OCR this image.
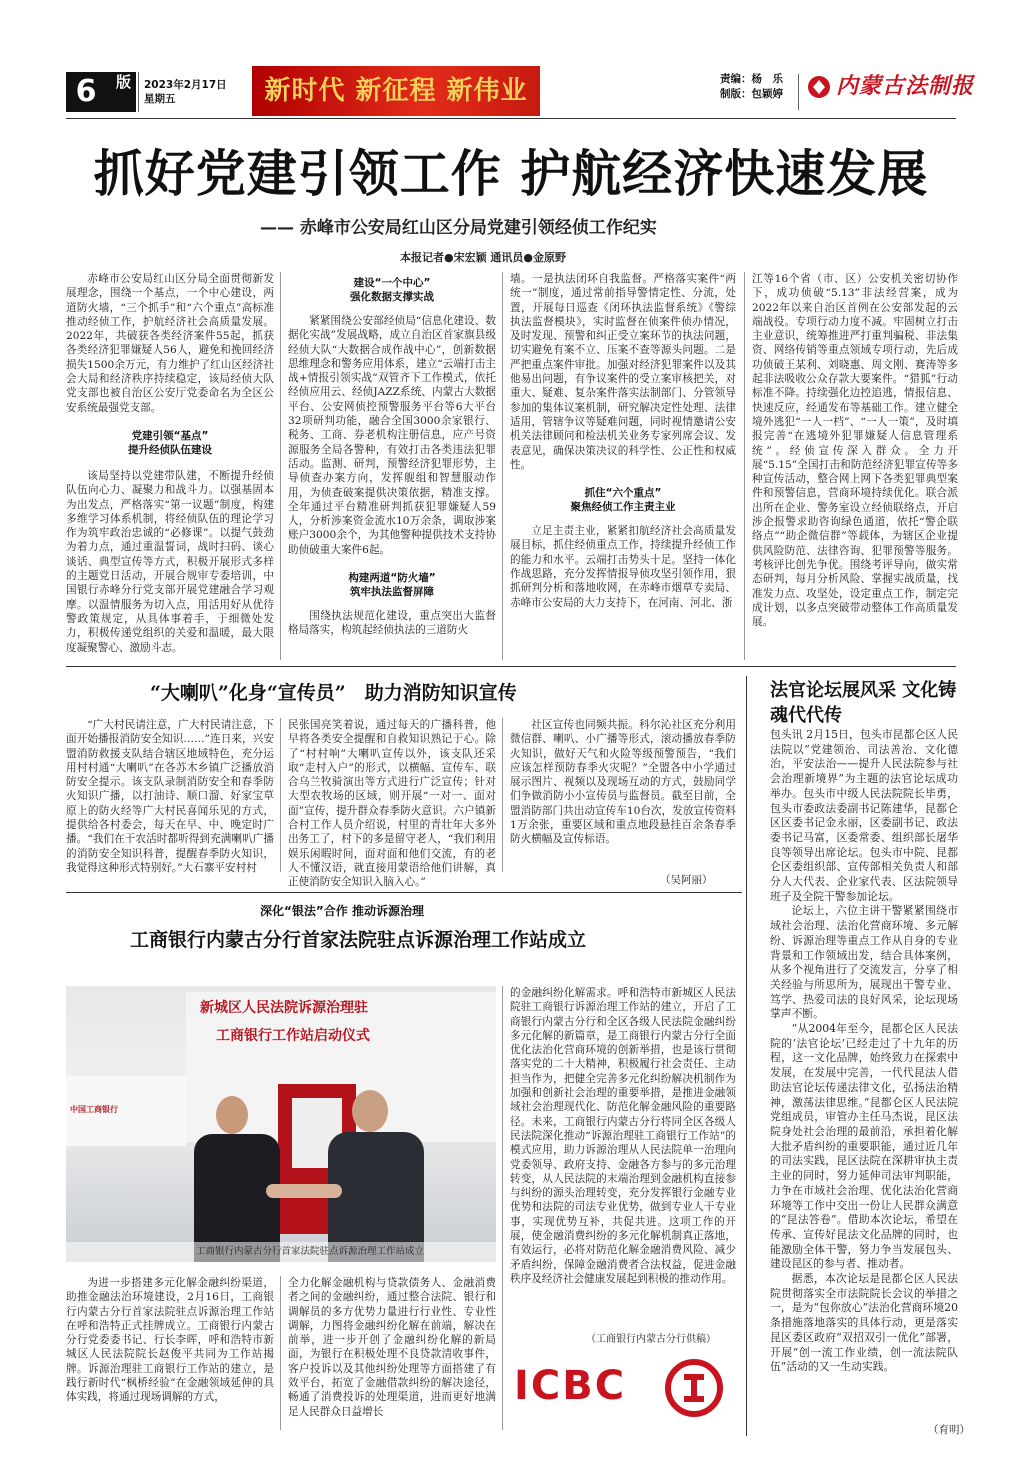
6	版 2023年2月17日
星期五	新时代 新征程 新伟业	责编：杨　乐
制版：包颖婷 内蒙古法制报
抓好党建引领工作 护航经济快速发展
—— 赤峰市公安局红山区分局党建引领经侦工作纪实
本报记者●宋宏颖 通讯员●金原野
赤峰市公安局红山区分局全面贯彻新发展理念，围绕一个基点，一个中心建设，两道防火墙，“三个抓手”和“六个重点”高标准推动经侦工作，护航经济社会高质量发展。2022年，共破获各类经济案件55起，抓获各类经济犯罪嫌疑人56人，避免和挽回经济损失1500余万元，有力维护了红山区经济社会大局和经济秩序持续稳定，该局经侦大队党支部也被自治区公安厅党委命名为全区公安系统最强党支部。
党建引领“基点”
提升经侦队伍建设
该局坚持以党建带队建，不断提升经侦队伍向心力、凝聚力和战斗力。以强基固本为出发点，严格落实“第一议题”制度，构建多维学习体系机制，将经侦队伍的理论学习作为筑牢政治忠诚的“必修课”。以提气鼓劲为着力点，通过重温誓词，战时扫码、谈心谈话、典型宣传等方式，积极开展形式多样的主题党日活动，开展合规审专委培训，中国银行赤峰分行党支部开展党建融合学习观摩。以温情服务为切入点，用活用好从优待警政策规定，从具体事着手，于细微处发力，积极传递党组织的关爱和温暖，最大限度凝聚警心、激励斗志。
建设“一个中心”
强化数据支撑实战
紧紧围绕公安部经侦局“信息化建设、数据化实战”发展战略，成立自治区首家旗县级经侦大队“大数据合成作战中心”，创新数据思维理念和警务应用体系，建立“云端打击主战+情报引领实战”双管齐下工作模式，依托经侦应用云、经侦JAZZ系统、内蒙古大数据平台、公安网侦控预警服务平台等6大平台32项研判功能，融合全国3000余家银行、税务、工商、券老机构注册信息，应产号资源服务全局各警种，有效打击各类违法犯罪活动。监测、研判，预警经济犯罪形势，主导侦查办案方向，发挥舰组和智慧服动作用，为侦查破案提供决策依据，精准支撑。全年通过平台精准研判抓获犯罪嫌疑人59人，分析涉案资金流水10万余条，调取涉案账户3000余个，为其他警种提供技术支持协助侦破重大案件6起。
构建两道“防火墙”
筑牢执法监督屏障
围绕执法规范化建设，重点突出大监督格局落实，构筑起经侦执法的三道防火
墙。一是执法闭环自我监督。严格落实案件“两统一”制度，通过常前指导警情定性、分流，处置，开展每日巡查《闭环执法监督系统》《警综执法监督模块》，实时监督在侦案件侦办情况，及时发现、预警和纠正受立案环节的执法问题，切实避免有案不立、压案不查等源头问题。二是严把重点案件审批。加强对经济犯罪案件以及其他易出问题，有争议案件的受立案审核把关，对重大、疑难、复杂案件落实法制部门、分管领导参加的集体议案机制，研究解决定性处理、法律适用，管辖争议等疑难问题，同时视情邀请公安机关法律顾问和检法机关业务专家列席会议、发表意见，确保决策决议的科学性、公正性和权威性。
抓住“六个重点”
聚焦经侦工作主责主业
立足主责主业，紧紧扣航经济社会高质量发展目标，抓住经侦重点工作，持续提升经侦工作的能力和水平。云端打击势头十足。坚持一体化作战思路，充分发挥情报导侦攻坚引领作用，狠抓研判分析和落地收网，在赤峰市烟草专卖局、赤峰市公安局的大力支持下，在河南、河北、浙
江等16个省（市、区）公安机关密切协作下，成功侦破“5.13”非法经营案，成为2022年以来自治区首例在公安部发起的云端战役。专项行动力度不减。牢固树立打击主业意识，统筹推进严打重判骗税、非法集资、网络传销等重点领域专项行动，先后成功侦破王某利、刘晓惠、周文刚、赛涛等多起非法吸收公众存款大要案件。“猎狐”行动标准不降。持续强化边控追逃，情报信息、快速反应，经通发布等基础工作。建立健全境外逃犯“一人一档”、“一人一策”，及时填报完善“在逃境外犯罪嫌疑人信息管理系统”。经侦宣传深入群众。全力开展“5.15”全国打击和防范经济犯罪宣传等多种宣传活动，整合网上网下各类犯罪典型案件和预警信息，营商环境持续优化。联合派出所在企业、警务室设立经侦联络点，开启涉企报警求助咨询绿色通道，依托“警企联络点”“助企微信群”等载体，为辖区企业提供风险防范、法律咨询、犯罪预警等服务。考核评比创先争优。围绕考评导向，做实常态研判，每月分析风险、掌握实战质量，找准发力点、攻坚处，设定重点工作，制定完成计划，以多点突破带动整体工作高质量发展。
“大喇叭”化身“宣传员”　助力消防知识宣传
“广大村民请注意，广大村民请注意，下面开始播报消防安全知识……”连日来，兴安盟消防救援支队结合辖区地域特色，充分运用村村通“大喇叭”在各苏木乡镇广泛播放消防安全提示。该支队录制消防安全和春季防火知识广播，以打油诗、顺口溜、好家宝草原上的防火经等广大村民喜闻乐见的方式，提供给各村委会，每天在早、中、晚定时广播。“我们在干农活时都听得到充满喇叭广播的消防安全知识科普，提醒春季防火知识，我觉得这种形式特别好。”大石寨平安村村
民张国亮笑着说，通过每天的广播科普，他早将各类安全提醒和自救知识熟记于心。除了“村村响”大喇叭宣传以外，该支队还采取“走村入户”的形式，以横幅、宣传车、联合乌兰牧骑演出等方式进行广泛宣传；针对大型农牧场的区域，则开展“一对一、面对面”宣传，提升群众春季防火意识。六户镇新合村工作人员介绍说，村里的青壮年大多外出务工了，村下的多是留守老人，“我们利用娱乐闲暇时间，面对面和他们交流，有的老人不懂汉语，就直接用蒙语给他们讲解，真正使消防安全知识入脑入心。”
社区宣传也同频共振。科尔沁社区充分利用微信群、喇叭、小广播等形式，滚动播放春季防火知识，做好天气和火险等级预警预告，“我们应该怎样预防春季火灾呢？”全盟各中小学通过展示图片、视频以及现场互动的方式，鼓励同学们争做消防小小宣传员与监督员。截至目前，全盟消防部门共出动宣传车10台次，发放宣传资料1万余张，重要区域和重点地段悬挂百余条春季防火横幅及宣传标语。
（吴阿丽）
法官论坛展风采 文化铸魂代代传
包头讯 2月15日，包头市昆都仑区人民法院以“党建领治、司法善治、文化德治，平安法治——提升人民法院参与社会治理新境界”为主题的法官论坛成功举办。包头市中级人民法院院长毕勇，包头市委政法委副书记陈建华，昆都仑区区委书记金永丽，区委副书记、政法委书记马富，区委常委、组织部长屠华良等领导出席论坛。包头市中院、昆都仑区委组织部、宣传部相关负责人和部分人大代表、企业家代表、区法院领导班子及全院干警参加论坛。
论坛上，六位主讲干警紧紧围绕市域社会治理、法治化营商环境、多元解纷、诉源治理等重点工作从自身的专业背景和工作领域出发，结合具体案例，从多个视角进行了交流发言，分享了相关经验与所思所为，展现出干警专业、笃学、热爱司法的良好风采，论坛现场掌声不断。
“从2004年至今，昆都仑区人民法院的‘法官论坛’已经走过了十九年的历程，这一文化品牌，始终致力在探索中发展，在发展中完善，一代代昆法人借助法官论坛传递法律文化，弘扬法治精神，激荡法律思维。”昆都仑区人民法院党组成员，审管办主任马杰说，昆区法院身处社会治理的最前沿，承担着化解大批矛盾纠纷的重要职能，通过近几年的司法实践，昆区法院在深耕审执主责主业的同时，努力延伸司法审判职能，力争在市域社会治理、优化法治化营商环境等工作中交出一份让人民群众满意的“昆法答卷”。借助本次论坛，希望在传承、宣传好昆法文化品牌的同时，也能激励全体干警，努力争当发展包头、建设昆区的参与者、推动者。
据悉，本次论坛是昆都仑区人民法院贯彻落实全市法院院长会议的举措之一，是为“包你放心”法治化营商环境20条措施落地落实的具体行动，更是落实昆区委区政府“双招双引一优化”部署，开展“创一流工作业绩，创一流法院队伍”活动的又一生动实践。
（育明）
深化“银法”合作 推动诉源治理
工商银行内蒙古分行首家法院驻点诉源治理工作站成立
新城区人民法院诉源治理驻
工商银行工作站启动仪式
中国工商银行
工商银行内蒙古分行首家法院驻点诉源治理工作站成立
为进一步搭建多元化解金融纠纷渠道，助推金融法治环境建设，2月16日，工商银行内蒙古分行首家法院驻点诉源治理工作站在呼和浩特正式挂牌成立。工商银行内蒙古分行党委委书记、行长李晖，呼和浩特市新城区人民法院院长赵俊平共同为工作站揭牌。诉源治理驻工商银行工作站的建立，是践行新时代“枫桥经验”在金融领域延伸的具体实践，将通过现场调解的方式，
全力化解金融机构与贷款债务人、金融消费者之间的金融纠纷，通过整合法院、银行和调解员的多方优势力量进行行业性、专业性调解，力图将金融纠纷化解在前端，解决在前举，进一步开创了金融纠纷化解的新局面，为银行在积极处理不良贷款清收事件，客户投诉以及其他纠纷处理等方面搭建了有效平台，拓宽了金融借款纠纷的解决途径，畅通了消费投诉的处理渠道，进而更好地满足人民群众日益增长
的金融纠纷化解需求。呼和浩特市新城区人民法院驻工商银行诉源治理工作站的建立，开启了工商银行内蒙古分行和全区各级人民法院金融纠纷多元化解的新篇章，是工商银行内蒙古分行全面优化法治化营商环境的创新举措，也是该行贯彻落实党的二十大精神，积极履行社会责任、主动担当作为，把健全完善多元化纠纷解决机制作为加强和创新社会治理的重要举措，是推进金融领域社会治理现代化、防范化解金融风险的重要路径。未来，工商银行内蒙古分行将同全区各级人民法院深化推动“诉源治理驻工商银行工作站”的模式应用，助力诉源治理从人民法院单一治理向党委领导、政府支持、金融各方参与的多元治理转变，从人民法院的末端治理到金融机构直接参与纠纷的源头治理转变，充分发挥银行金融专业优势和法院的司法专业优势，做到专业人干专业事，实现优势互补，共促共进。这项工作的开展，使金融消费纠纷的多元化解机制真正落地，有效运行，必将对防范化解金融消费风险、减少矛盾纠纷，保障金融消费者合法权益，促进金融秩序及经济社会健康发展起到积极的推动作用。
（工商银行内蒙古分行供稿）
ICBC
